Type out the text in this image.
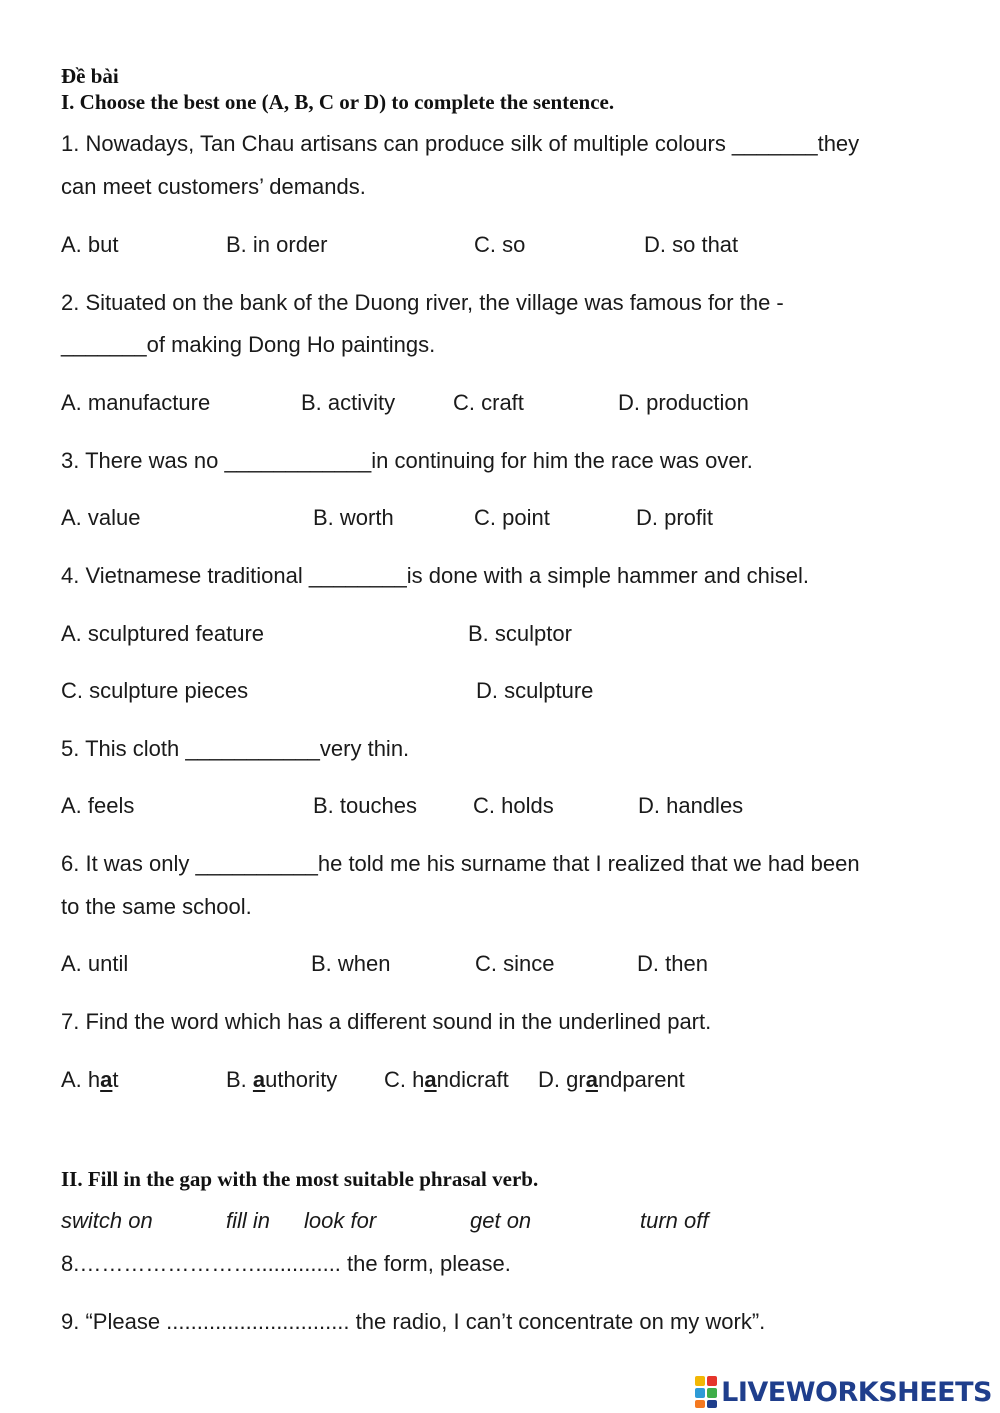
Đề bài
I. Choose the best one (A, B, C or D) to complete the sentence.
1. Nowadays, Tan Chau artisans can produce silk of multiple colours _______they
can meet customers’ demands.
A. but	B. in order	C. so	D. so that
2. Situated on the bank of the Duong river, the village was famous for the -
_______of making Dong Ho paintings.
A. manufacture	B. activity	C. craft	D. production
3. There was no ____________in continuing for him the race was over.
A. value	B. worth	C. point	D. profit
4. Vietnamese traditional ________is done with a simple hammer and chisel.
A. sculptured feature	B. sculptor
C. sculpture pieces	D. sculpture
5. This cloth ___________very thin.
A. feels	B. touches	C. holds	D. handles
6. It was only __________he told me his surname that I realized that we had been
to the same school.
A. until	B. when	C. since	D. then
7. Find the word which has a different sound in the underlined part.
A. hat	B. authority C. handicraft D. grandparent
II. Fill in the gap with the most suitable phrasal verb.
switch on	fill in look for	get on	turn off
8.…………………….............. the form, please.
9. “Please .............................. the radio, I can’t concentrate on my work”.
LIVEWORKSHEETS
